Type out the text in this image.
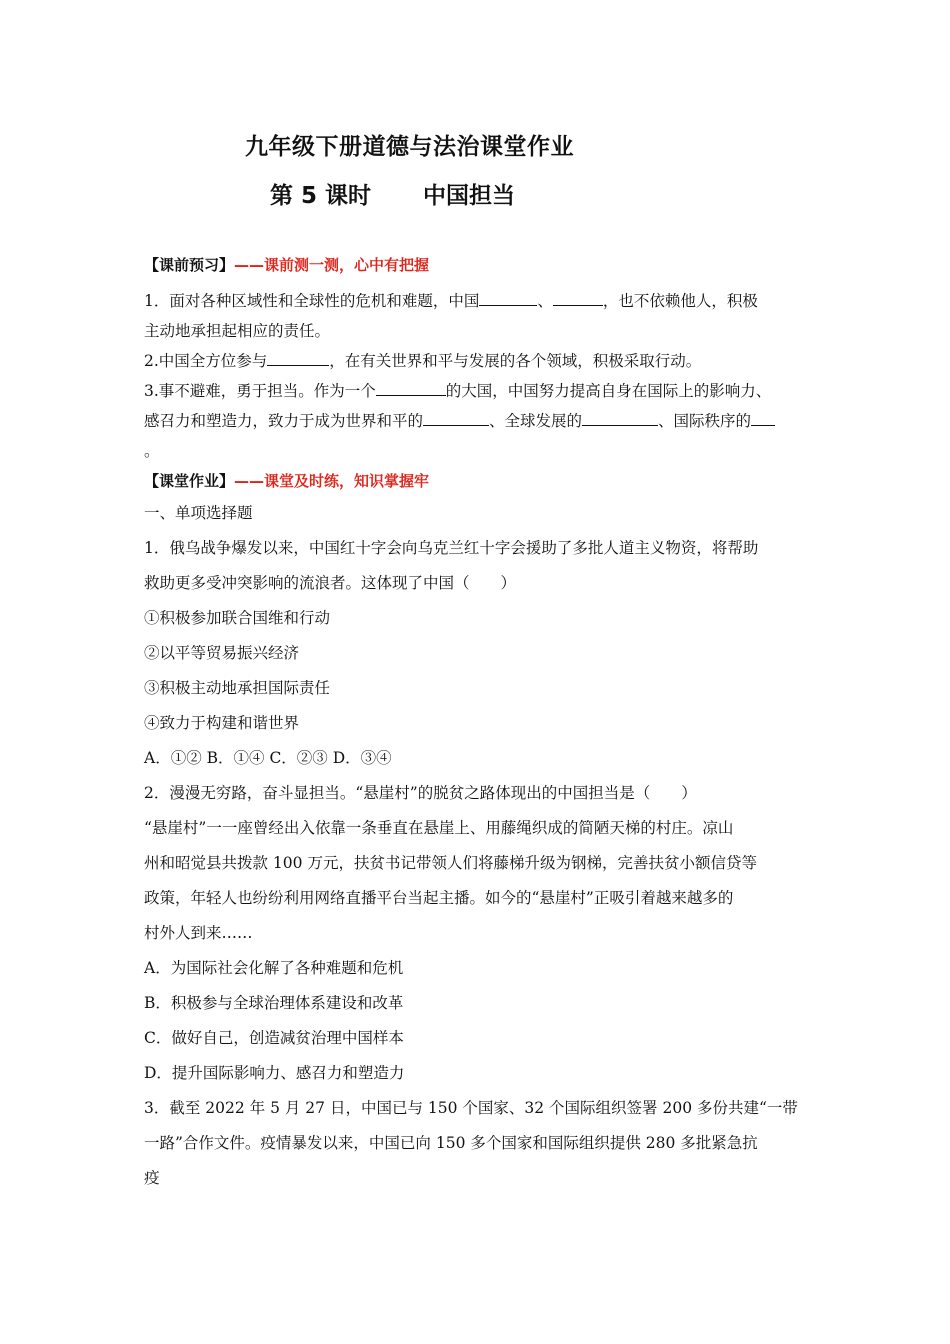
九年级下册道德与法治课堂作业
第 5 课时 中国担当
【课前预习】——课前测一测，心中有把握
1．面对各种区域性和全球性的危机和难题，中国	、	，也不依赖他人，积极
主动地承担起相应的责任。
2.中国全方位参与	，在有关世界和平与发展的各个领域，积极采取行动。
3.事不避难，勇于担当。作为一个	的大国，中国努力提高自身在国际上的影响力、
感召力和塑造力，致力于成为世界和平的	、全球发展的	、国际秩序的
。
【课堂作业】——课堂及时练，知识掌握牢
一、单项选择题
1．俄乌战争爆发以来，中国红十字会向乌克兰红十字会援助了多批人道主义物资，将帮助
救助更多受冲突影响的流浪者。这体现了中国（　　）
①积极参加联合国维和行动
②以平等贸易振兴经济
③积极主动地承担国际责任
④致力于构建和谐世界
A．①② B．①④ C．②③ D．③④
2．漫漫无穷路，奋斗显担当。“悬崖村”的脱贫之路体现出的中国担当是（　　）
“悬崖村”一一座曾经出入依靠一条垂直在悬崖上、用藤绳织成的简陋天梯的村庄。凉山
州和昭觉县共拨款 100 万元，扶贫书记带领人们将藤梯升级为钢梯，完善扶贫小额信贷等
政策，年轻人也纷纷利用网络直播平台当起主播。如今的“悬崖村”正吸引着越来越多的
村外人到来……
A．为国际社会化解了各种难题和危机
B．积极参与全球治理体系建设和改革
C．做好自己，创造减贫治理中国样本
D．提升国际影响力、感召力和塑造力
3．截至 2022 年 5 月 27 日，中国已与 150 个国家、32 个国际组织签署 200 多份共建“一带
一路”合作文件。疫情暴发以来，中国已向 150 多个国家和国际组织提供 280 多批紧急抗
疫
